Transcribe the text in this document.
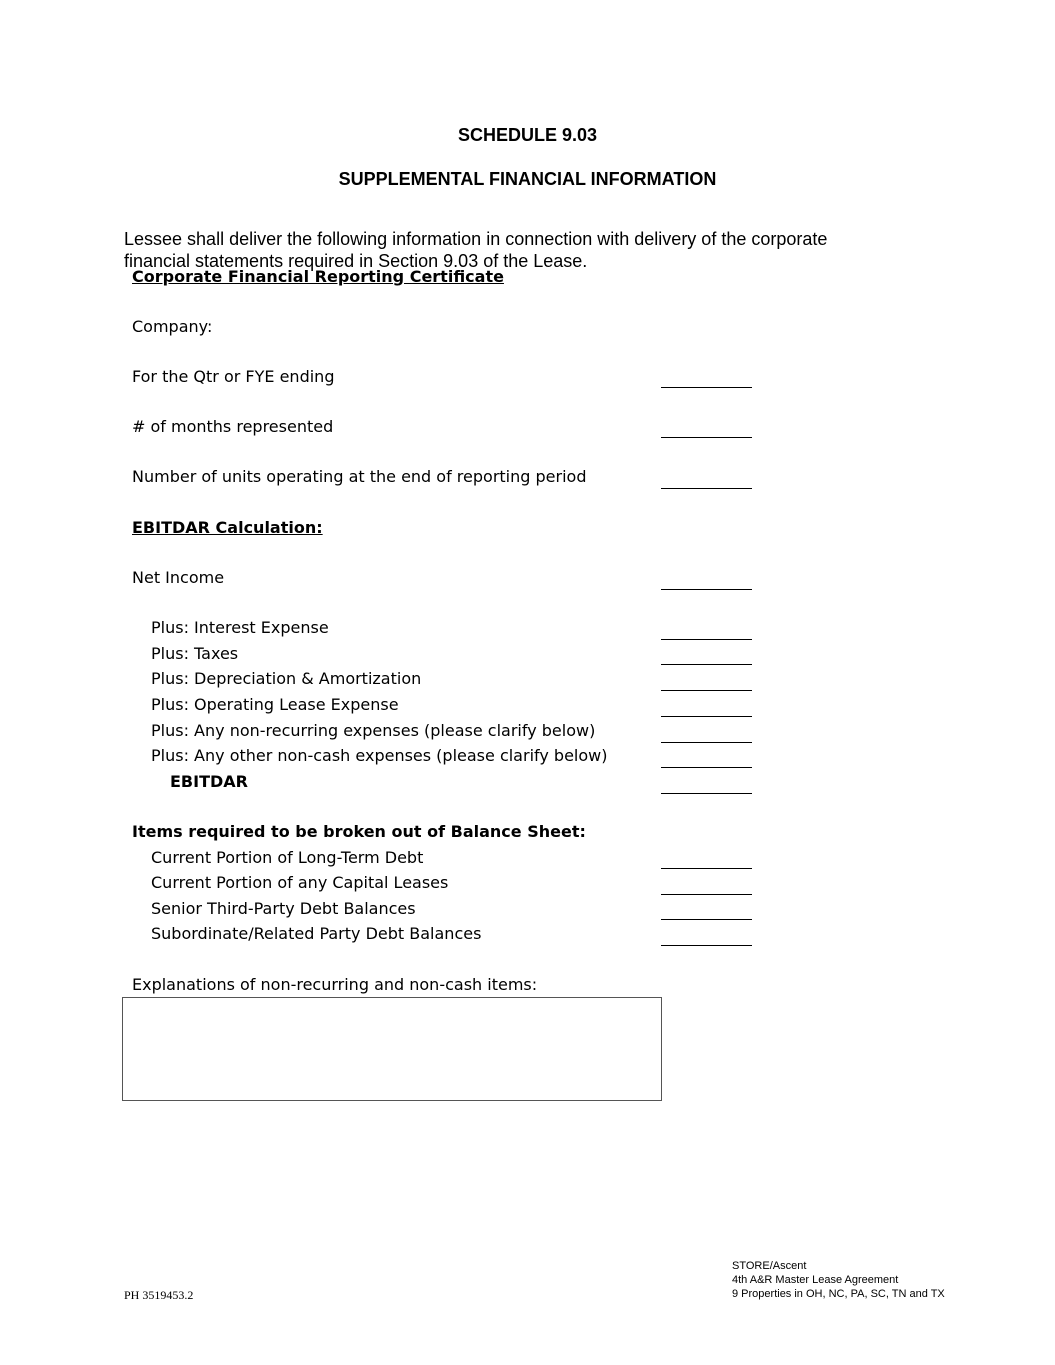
SCHEDULE 9.03
SUPPLEMENTAL FINANCIAL INFORMATION

Lessee shall deliver the following information in connection with delivery of the corporate financial statements required in Section 9.03 of the Lease.

Corporate Financial Reporting Certificate
Company:
For the Qtr or FYE ending
# of months represented
Number of units operating at the end of reporting period
EBITDAR Calculation:
Net Income
Plus: Interest Expense
Plus: Taxes
Plus: Depreciation & Amortization
Plus: Operating Lease Expense
Plus: Any non-recurring expenses (please clarify below)
Plus: Any other non-cash expenses (please clarify below)
EBITDAR
Items required to be broken out of Balance Sheet:
Current Portion of Long-Term Debt
Current Portion of any Capital Leases
Senior Third-Party Debt Balances
Subordinate/Related Party Debt Balances
Explanations of non-recurring and non-cash items:
PH 3519453.2
STORE/Ascent
4th A&R Master Lease Agreement
9 Properties in OH, NC, PA, SC, TN and TX
